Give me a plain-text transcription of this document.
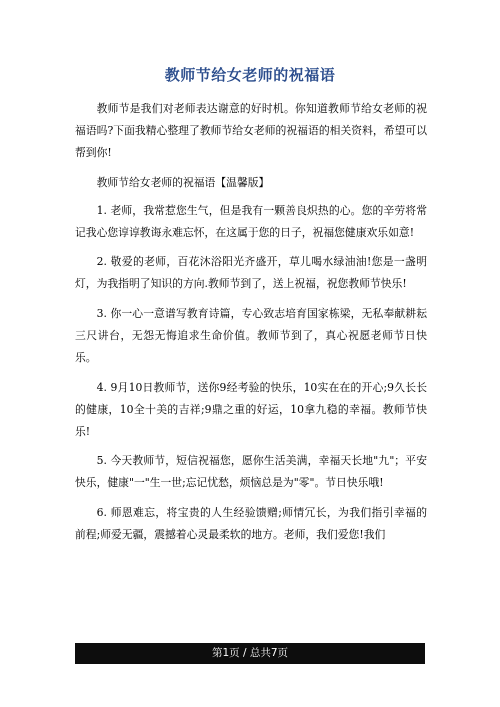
教师节给女老师的祝福语

教师节是我们对老师表达谢意的好时机。你知道教师节给女老师的祝福语吗?下面我精心整理了教师节给女老师的祝福语的相关资料，希望可以帮到你!

教师节给女老师的祝福语【温馨版】

1. 老师，我常惹您生气，但是我有一颗善良炽热的心。您的辛劳将常记我心您谆谆教诲永难忘怀，在这属于您的日子，祝福您健康欢乐如意!

2. 敬爱的老师，百花沐浴阳光齐盛开，草儿喝水绿油油!您是一盏明灯，为我指明了知识的方向.教师节到了，送上祝福，祝您教师节快乐!

3. 你一心一意谱写教育诗篇，专心致志培育国家栋梁，无私奉献耕耘三尺讲台，无怨无悔追求生命价值。教师节到了，真心祝愿老师节日快乐。

4. 9月10日教师节，送你9经考验的快乐，10实在在的开心;9久长长的健康，10全十美的吉祥;9鼎之重的好运，10拿九稳的幸福。教师节快乐!

5. 今天教师节，短信祝福您，愿你生活美满，幸福天长地"九"；平安快乐，健康"一"生一世;忘记忧愁，烦恼总是为"零"。节日快乐哦!

6. 师恩难忘，将宝贵的人生经验馈赠;师情冗长，为我们指引幸福的前程;师爱无疆，震撼着心灵最柔软的地方。老师，我们爱您!我们

第1页 / 总共7页
